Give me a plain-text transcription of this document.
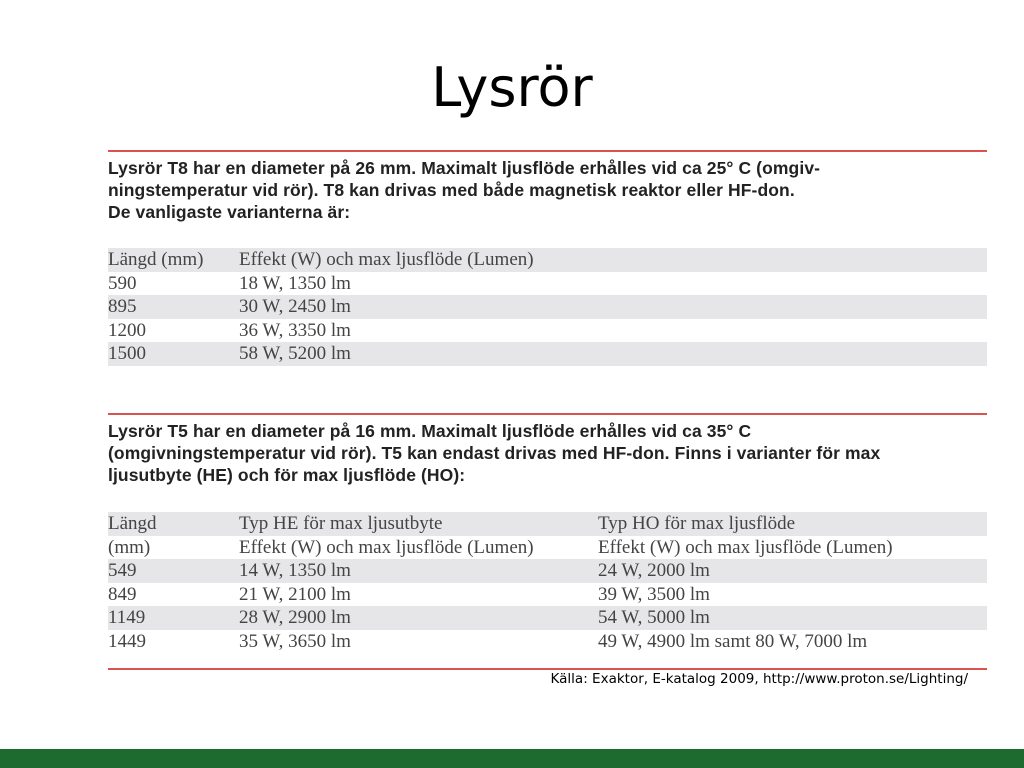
Lysrör
Lysrör T8 har en diameter på 26 mm. Maximalt ljusflöde erhålles vid ca 25° C (omgiv-
ningstemperatur vid rör). T8 kan drivas med både magnetisk reaktor eller HF-don.
De vanligaste varianterna är:
Längd (mm)	Effekt (W) och max ljusflöde (Lumen)
590	18 W, 1350 lm
895	30 W, 2450 lm
1200	36 W, 3350 lm
1500	58 W, 5200 lm
Lysrör T5 har en diameter på 16 mm. Maximalt ljusflöde erhålles vid ca 35° C
(omgivningstemperatur vid rör). T5 kan endast drivas med HF-don. Finns i varianter för max
ljusutbyte (HE) och för max ljusflöde (HO):
Längd	Typ HE för max ljusutbyte	Typ HO för max ljusflöde
(mm)	Effekt (W) och max ljusflöde (Lumen)	Effekt (W) och max ljusflöde (Lumen)
549	14 W, 1350 lm	24 W, 2000 lm
849	21 W, 2100 lm	39 W, 3500 lm
1149	28 W, 2900 lm	54 W, 5000 lm
1449	35 W, 3650 lm	49 W, 4900 lm samt 80 W, 7000 lm
Källa: Exaktor, E-katalog 2009, http://www.proton.se/Lighting/
